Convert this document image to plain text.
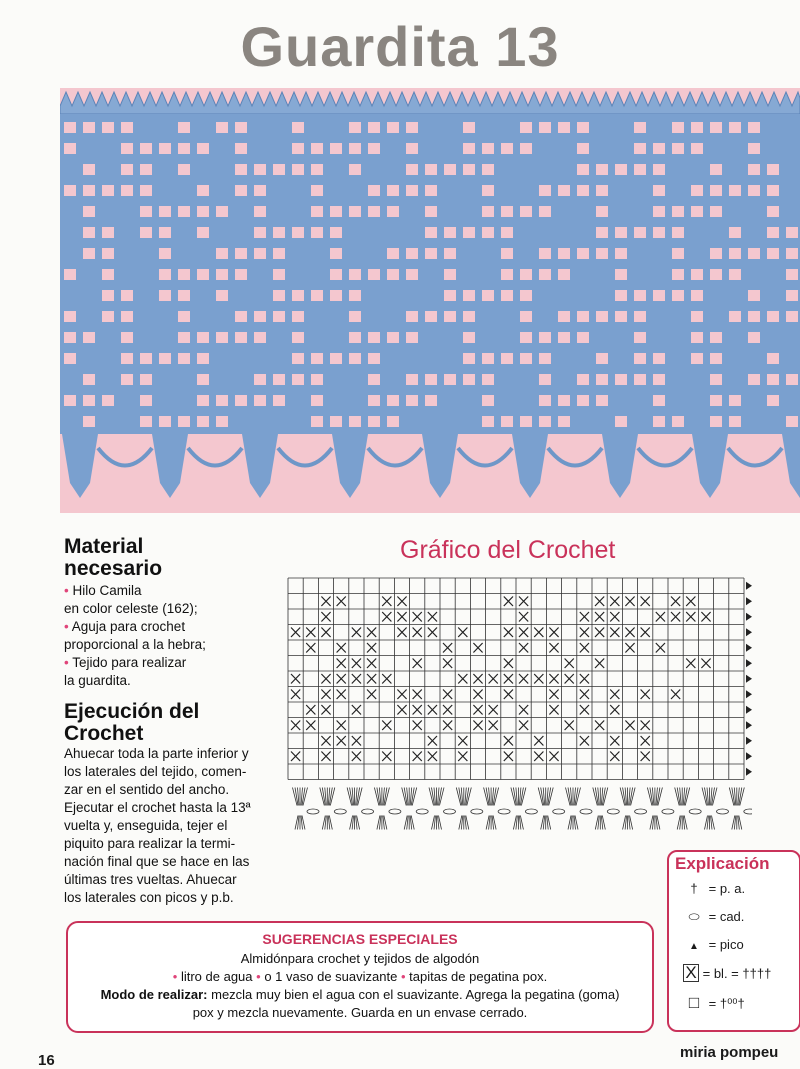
Guardita 13
Material
necesario
• Hilo Camila
en color celeste (162);
• Aguja para crochet
proporcional a la hebra;
• Tejido para realizar
la guardita.
Ejecución del
Crochet
Ahuecar toda la parte inferior y
los laterales del tejido, comen-
zar en el sentido del ancho.
Ejecutar el crochet hasta la 13ª
vuelta y, enseguida, tejer el
piquito para realizar la termi-
nación final que se hace en las
últimas tres vueltas. Ahuecar
los laterales con picos y p.b.
Gráfico del Crochet
Explicación
† = p. a.
⬭ = cad.
▲ = pico
X = bl. = ††††
□ = †⁰⁰†
SUGERENCIAS ESPECIALES
Almidónpara crochet y tejidos de algodón
• litro de agua • o 1 vaso de suavizante • tapitas de pegatina pox.
Modo de realizar: mezcla muy bien el agua con el suavizante. Agrega la pegatina (goma)
pox y mezcla nuevamente. Guarda en un envase cerrado.
16	miria pompeu
